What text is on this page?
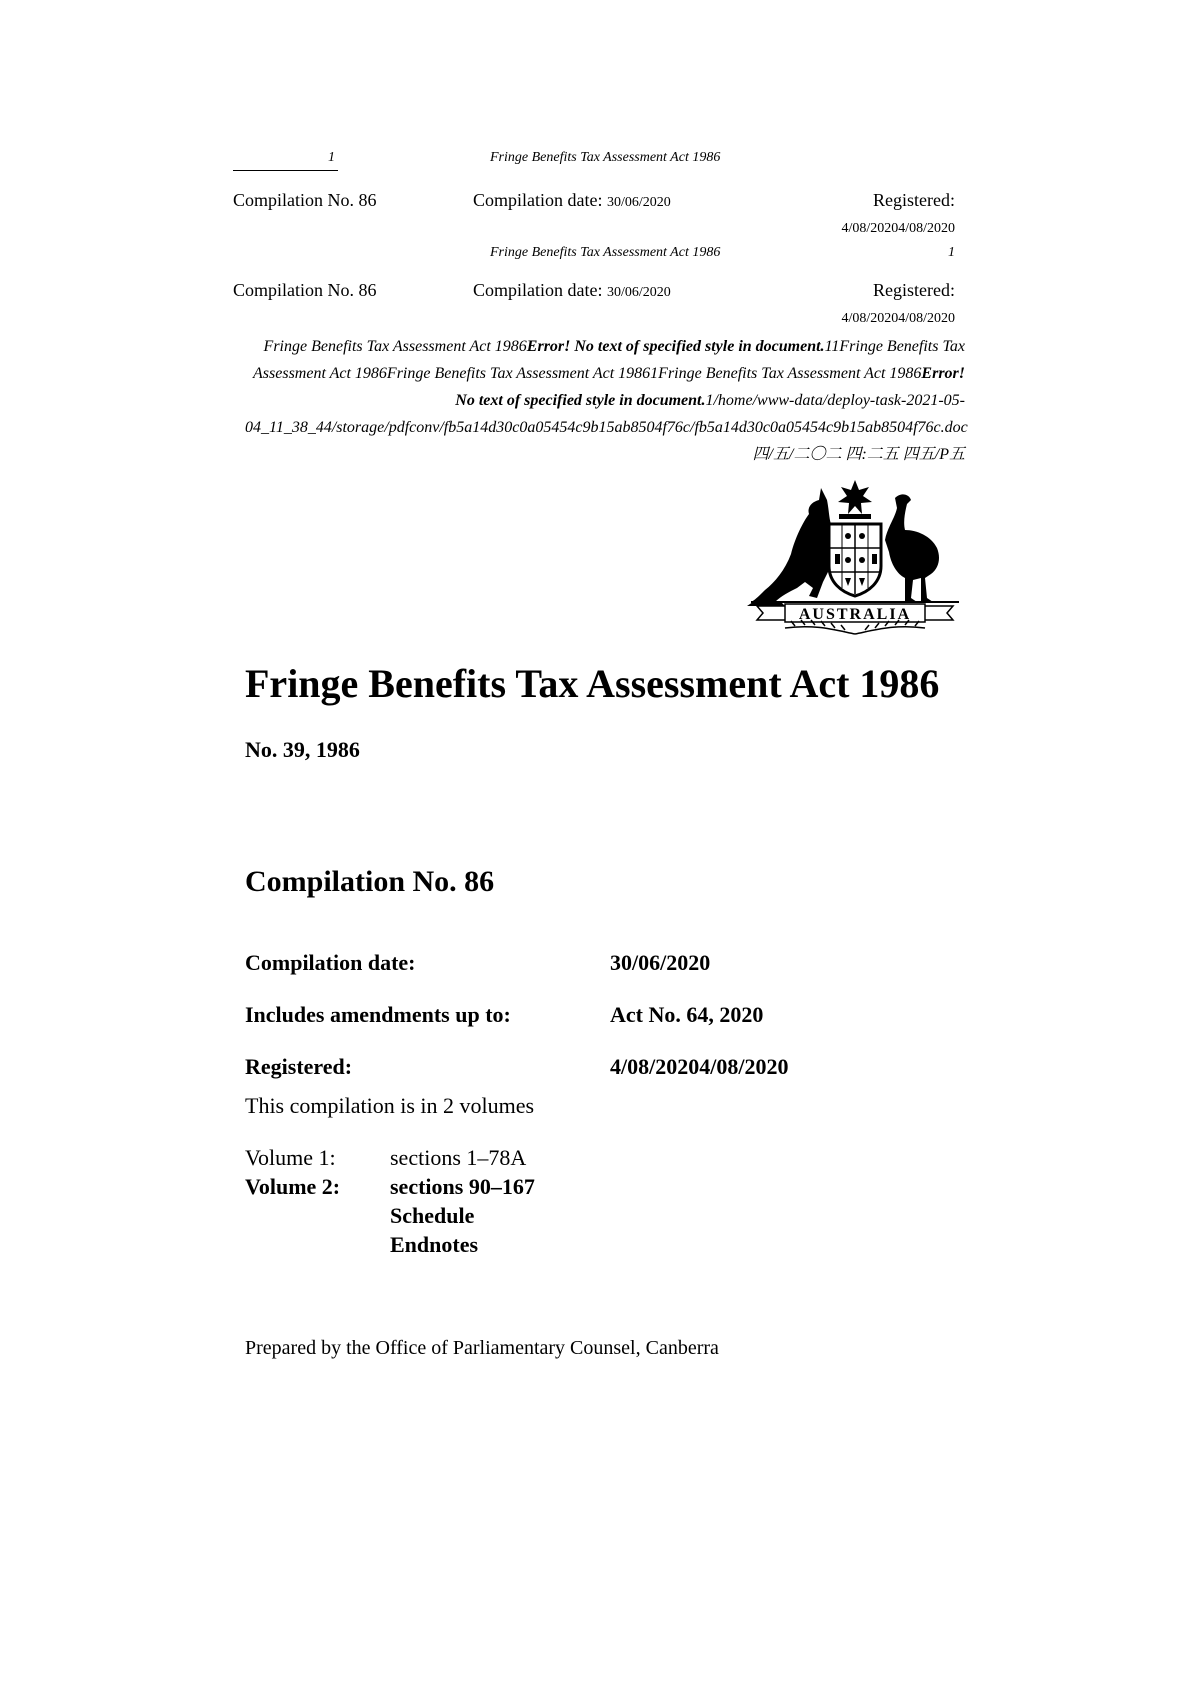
1	Fringe Benefits Tax Assessment Act 1986
Compilation No. 86	Compilation date: 30/06/2020	Registered:
4/08/20204/08/2020
Fringe Benefits Tax Assessment Act 1986	1
Compilation No. 86	Compilation date: 30/06/2020	Registered:
4/08/20204/08/2020
Fringe Benefits Tax Assessment Act 1986Error! No text of specified style in document.11Fringe Benefits Tax Assessment Act 1986Fringe Benefits Tax Assessment Act 19861Fringe Benefits Tax Assessment Act 1986Error! No text of specified style in document.1/home/www-data/deploy-task-2021-05-04_11_38_44/storage/pdfconv/fb5a14d30c0a05454c9b15ab8504f76c/fb5a14d30c0a05454c9b15ab8504f76c.doc 四/五/二〇二 四:二五 四五/P五
AUSTRALIA
Fringe Benefits Tax Assessment Act 1986
No. 39, 1986
Compilation No. 86
Compilation date:	30/06/2020
Includes amendments up to:	Act No. 64, 2020
Registered:	4/08/20204/08/2020
This compilation is in 2 volumes
Volume 1: sections 1–78A
Volume 2: sections 90–167
Schedule
Endnotes
Prepared by the Office of Parliamentary Counsel, Canberra
